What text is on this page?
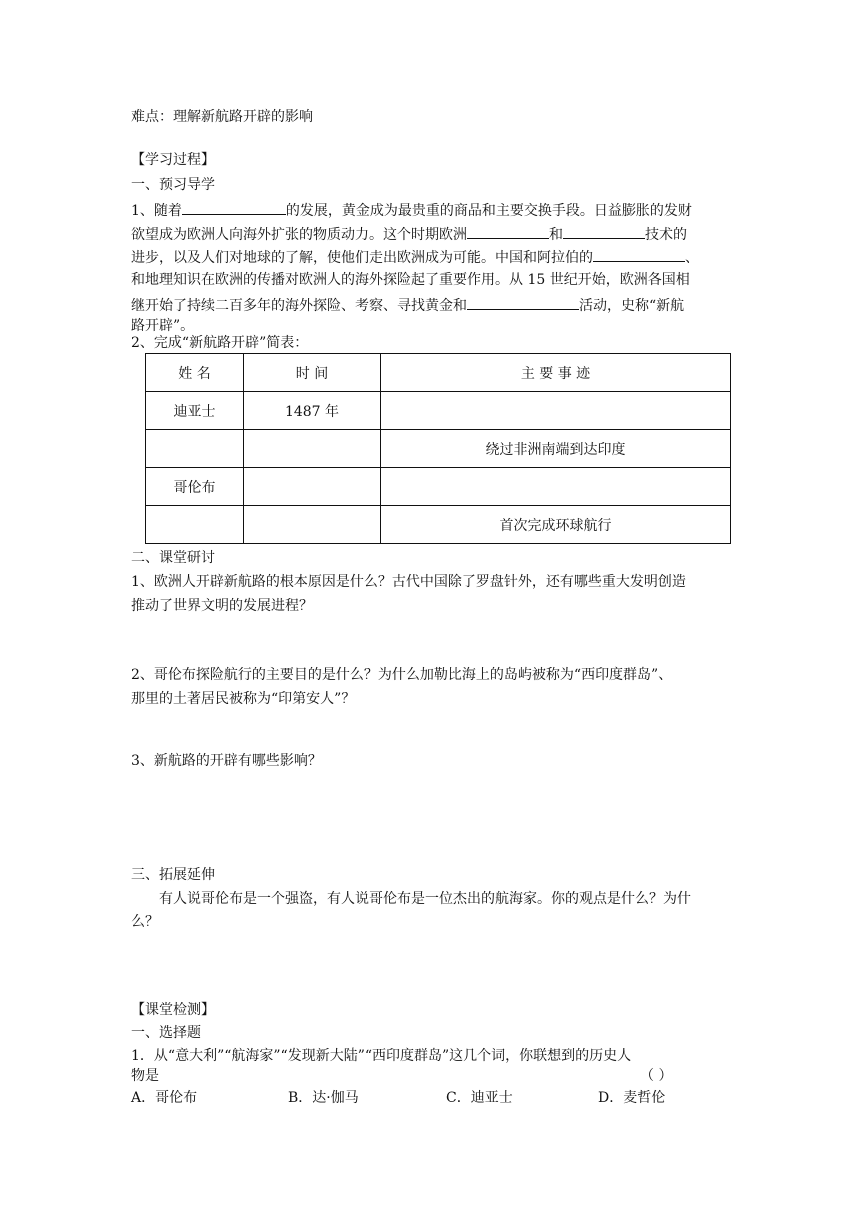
难点：理解新航路开辟的影响
【学习过程】
一、预习导学
1、随着	的发展，黄金成为最贵重的商品和主要交换手段。日益膨胀的发财
欲望成为欧洲人向海外扩张的物质动力。这个时期欧洲	和	技术的
进步，以及人们对地球的了解，使他们走出欧洲成为可能。中国和阿拉伯的	、
和地理知识在欧洲的传播对欧洲人的海外探险起了重要作用。从 15 世纪开始，欧洲各国相
继开始了持续二百多年的海外探险、考察、寻找黄金和	活动，史称“新航
路开辟”。
2、完成“新航路开辟”简表：
姓 名	时 间	主 要 事 迹
迪亚士	1487 年	
		绕过非洲南端到达印度
哥伦布		
		首次完成环球航行
二、课堂研讨
1、欧洲人开辟新航路的根本原因是什么？古代中国除了罗盘针外，还有哪些重大发明创造
推动了世界文明的发展进程？
2、哥伦布探险航行的主要目的是什么？为什么加勒比海上的岛屿被称为“西印度群岛”、
那里的土著居民被称为“印第安人”？
3、新航路的开辟有哪些影响？
三、拓展延伸
有人说哥伦布是一个强盗，有人说哥伦布是一位杰出的航海家。你的观点是什么？为什
么？
【课堂检测】
一、选择题
1．从“意大利”“航海家”“发现新大陆”“西印度群岛”这几个词，你联想到的历史人
物是	（ ）
A．哥伦布	B．达·伽马	C．迪亚士	D．麦哲伦
